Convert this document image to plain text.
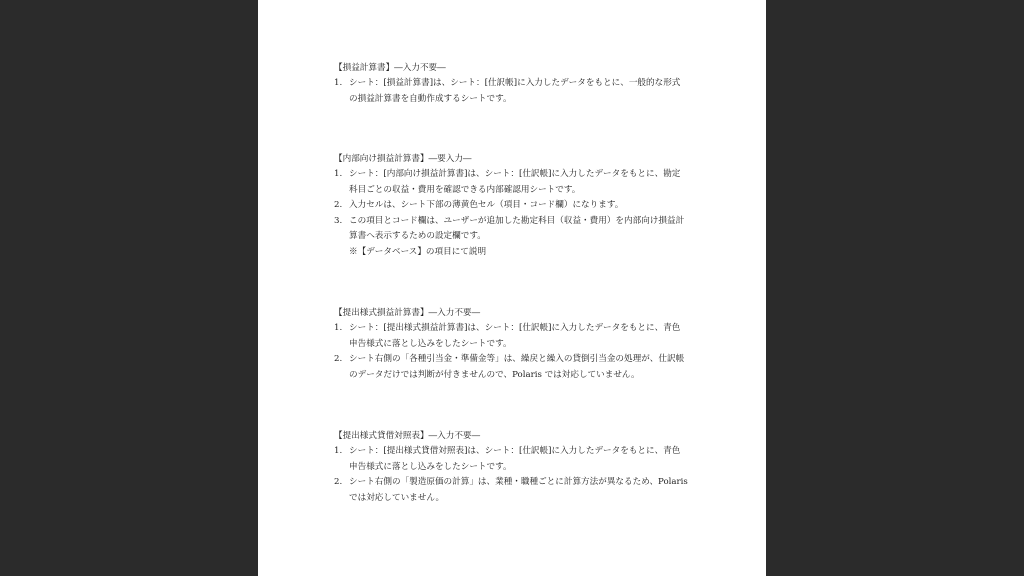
【損益計算書】―入力不要―
1. シート：[損益計算書]は、シート：[仕訳帳]に入力したデータをもとに、一般的な形式
の損益計算書を自動作成するシートです。
【内部向け損益計算書】―要入力―
1. シート：[内部向け損益計算書]は、シート：[仕訳帳]に入力したデータをもとに、勘定
科目ごとの収益・費用を確認できる内部確認用シートです。
2. 入力セルは、シート下部の薄黄色セル（項目・コード欄）になります。
3. この項目とコード欄は、ユーザーが追加した勘定科目（収益・費用）を内部向け損益計
算書へ表示するための設定欄です。
※【データベース】の項目にて説明
【提出様式損益計算書】―入力不要―
1. シート：[提出様式損益計算書]は、シート：[仕訳帳]に入力したデータをもとに、青色
申告様式に落とし込みをしたシートです。
2. シート右側の「各種引当金・準備金等」は、繰戻と繰入の貸倒引当金の処理が、仕訳帳
のデータだけでは判断が付きませんので、Polaris では対応していません。
【提出様式貸借対照表】―入力不要―
1. シート：[提出様式貸借対照表]は、シート：[仕訳帳]に入力したデータをもとに、青色
申告様式に落とし込みをしたシートです。
2. シート右側の「製造原価の計算」は、業種・職種ごとに計算方法が異なるため、Polaris
では対応していません。
